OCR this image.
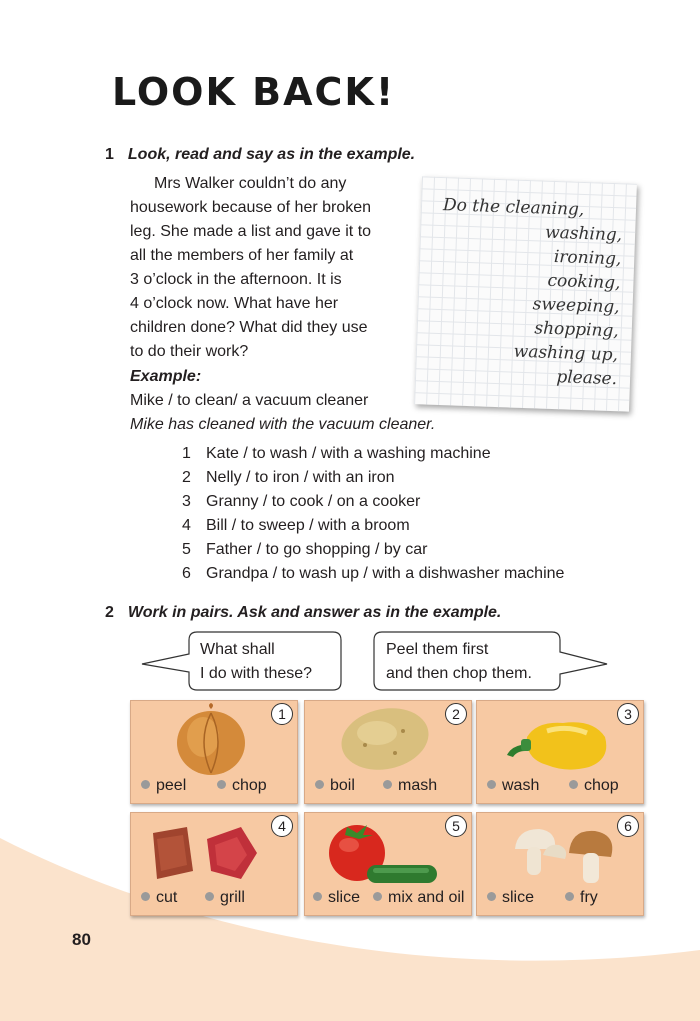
LOOK BACK!
1 Look, read and say as in the example.
Mrs Walker couldn’t do any
housework because of her broken
leg. She made a list and gave it to
all the members of her family at
3 o’clock in the afternoon. It is
4 o’clock now. What have her
children done? What did they use
to do their work?
Do the cleaning,
washing,
ironing,
cooking,
sweeping,
shopping,
washing up,
please.
Example:
Mike / to clean/ a vacuum cleaner
Mike has cleaned with the vacuum cleaner.
1 Kate / to wash / with a washing machine
2 Nelly / to iron / with an iron
3 Granny / to cook / on a cooker
4 Bill / to sweep / with a broom
5 Father / to go shopping / by car
6 Grandpa / to wash up / with a dishwasher machine
2 Work in pairs. Ask and answer as in the example.
What shall
I do with these?
Peel them first
and then chop them.
1
peel	chop
2
boil	mash
3
wash	chop
4
cut	grill
5
slice	mix and oil
6
slice	fry
80
